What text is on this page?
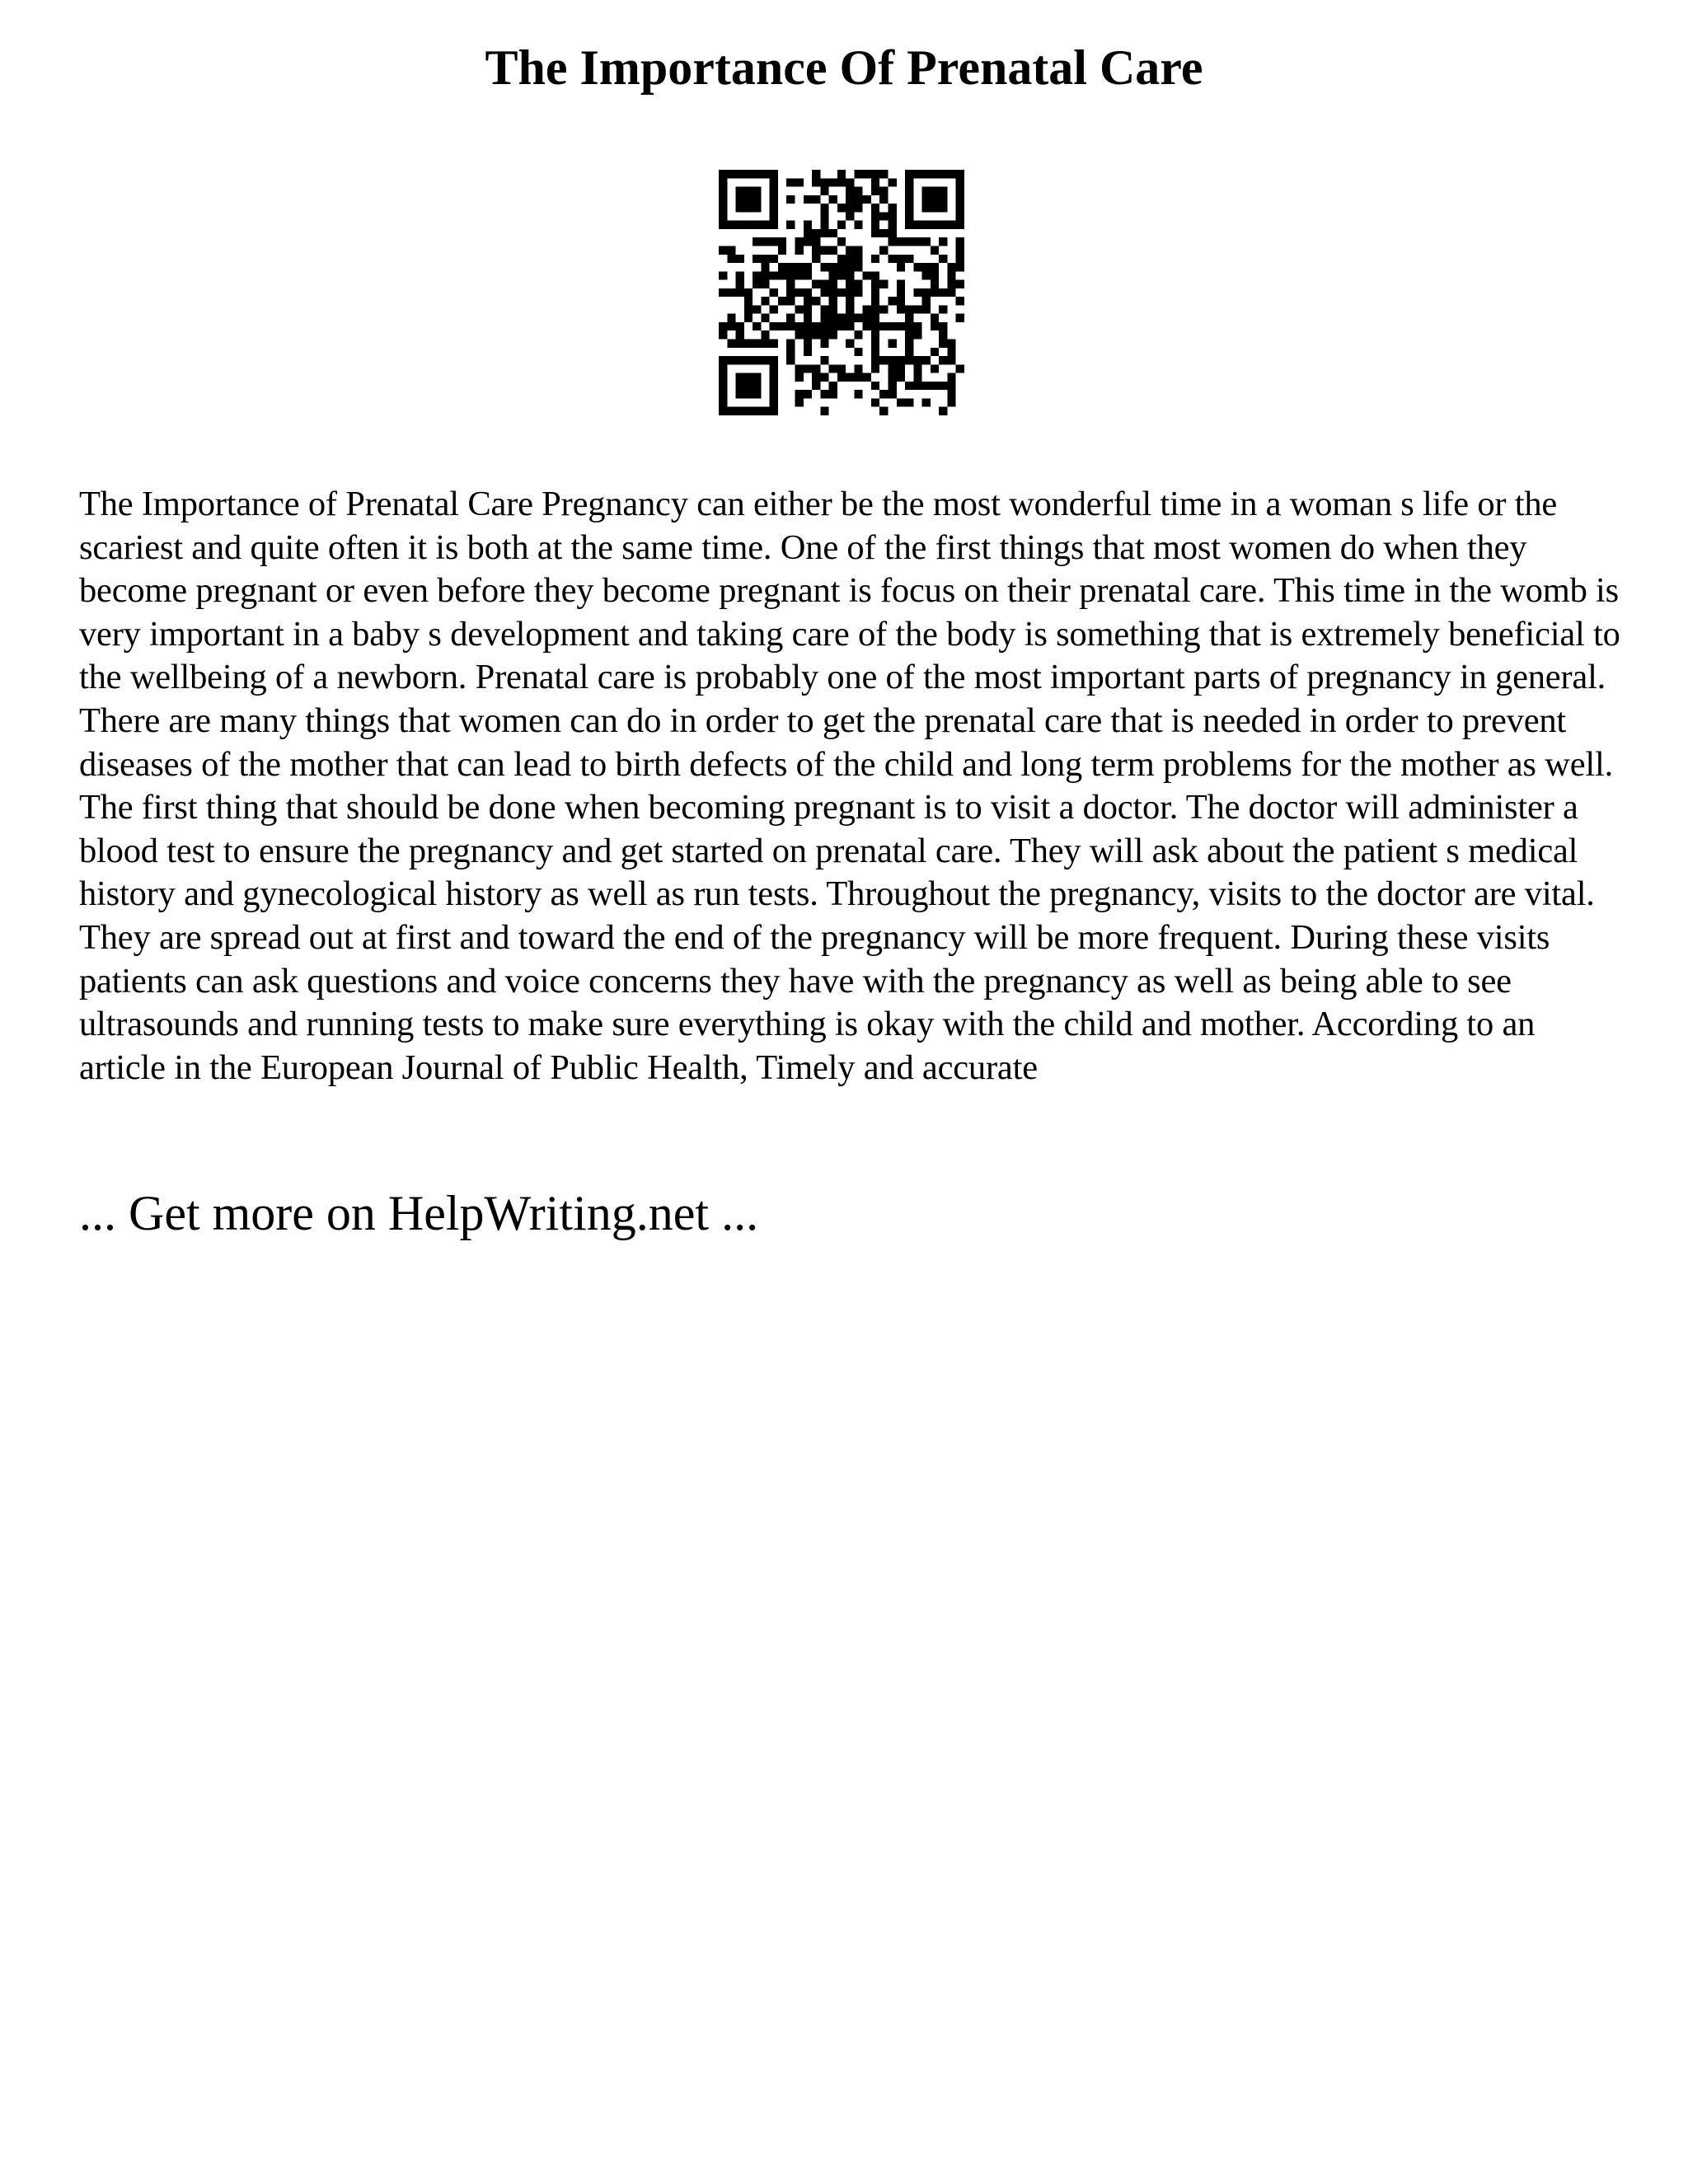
The Importance Of Prenatal Care

The Importance of Prenatal Care Pregnancy can either be the most wonderful time in a woman s life or the scariest and quite often it is both at the same time. One of the first things that most women do when they become pregnant or even before they become pregnant is focus on their prenatal care. This time in the womb is very important in a baby s development and taking care of the body is something that is extremely beneficial to the wellbeing of a newborn. Prenatal care is probably one of the most important parts of pregnancy in general. There are many things that women can do in order to get the prenatal care that is needed in order to prevent diseases of the mother that can lead to birth defects of the child and long term problems for the mother as well. The first thing that should be done when becoming pregnant is to visit a doctor. The doctor will administer a blood test to ensure the pregnancy and get started on prenatal care. They will ask about the patient s medical history and gynecological history as well as run tests. Throughout the pregnancy, visits to the doctor are vital. They are spread out at first and toward the end of the pregnancy will be more frequent. During these visits patients can ask questions and voice concerns they have with the pregnancy as well as being able to see ultrasounds and running tests to make sure everything is okay with the child and mother. According to an article in the European Journal of Public Health, Timely and accurate

... Get more on HelpWriting.net ...
